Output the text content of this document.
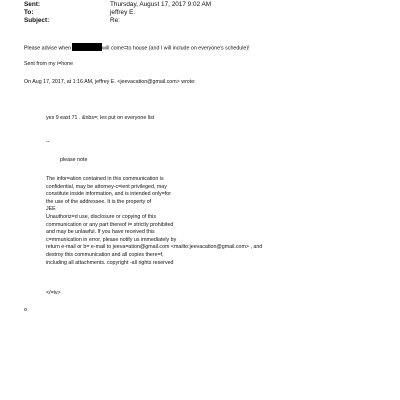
Sent:	Thursday, August 17, 2017 9:02 AM
To:	jeffrey E.
Subject:	Re:
Please advise when	will come=to house (and I will include on everyone's schedule)!
Sent from my i=hone
On Aug 17, 2017, at 1:16 AM, jeffrey E. <jeevacation@gmail.com> wrote:
yes 9 east 71 . &nbs=; les put on everyone list
--
please note
The infor=ation contained in this communication is
confidential, may be attorney-c=ient privileged, may
constitute inside information, and is intended only=for
the use of the addressee. It is the property of
JEE
Unauthoriz=d use, disclosure or copying of this
communication or any part thereof i= strictly prohibited
and may be unlawful. If you have received this
c=mmunication in error, please notify us immediately by
return e-mail or b= e-mail to jeeva=ation@gmail.com <mailto:jeevacation@gmail.com> , and
destroy this communication and all copies there=f,
including all attachments. copyright -all rights reserved
</=iv>
o
